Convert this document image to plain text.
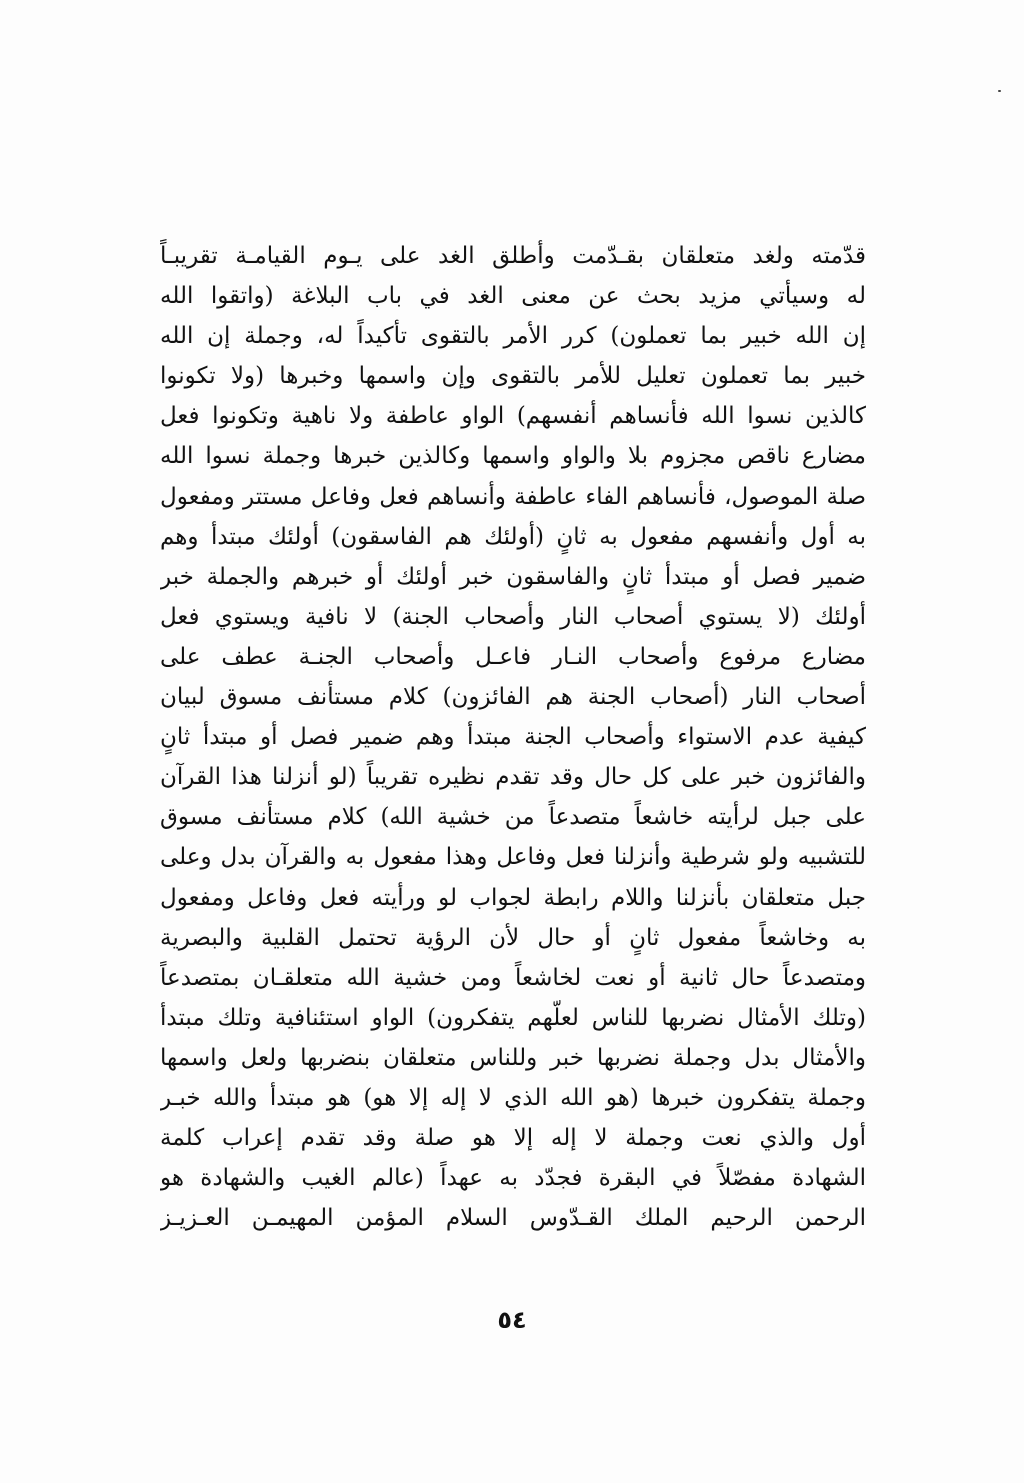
قدّمته ولغد متعلقان بقـدّمت وأطلق الغد على يـوم القيامـة تقريبـاً
له وسيأتي مزيد بحث عن معنى الغد في باب البلاغة (واتقوا الله
إن الله خبير بما تعملون) كرر الأمر بالتقوى تأكيداً له، وجملة إن الله
خبير بما تعملون تعليل للأمر بالتقوى وإن واسمها وخبرها (ولا تكونوا
كالذين نسوا الله فأنساهم أنفسهم) الواو عاطفة ولا ناهية وتكونوا فعل
مضارع ناقص مجزوم بلا والواو واسمها وكالذين خبرها وجملة نسوا الله
صلة الموصول، فأنساهم الفاء عاطفة وأنساهم فعل وفاعل مستتر ومفعول
به أول وأنفسهم مفعول به ثانٍ (أولئك هم الفاسقون) أولئك مبتدأ وهم
ضمير فصل أو مبتدأ ثانٍ والفاسقون خبر أولئك أو خبرهم والجملة خبر
أولئك (لا يستوي أصحاب النار وأصحاب الجنة) لا نافية ويستوي فعل
مضارع مرفوع وأصحاب النـار فاعـل وأصحاب الجنـة عطف على
أصحاب النار (أصحاب الجنة هم الفائزون) كلام مستأنف مسوق لبيان
كيفية عدم الاستواء وأصحاب الجنة مبتدأ وهم ضمير فصل أو مبتدأ ثانٍ
والفائزون خبر على كل حال وقد تقدم نظيره تقريباً (لو أنزلنا هذا القرآن
على جبل لرأيته خاشعاً متصدعاً من خشية الله) كلام مستأنف مسوق
للتشبيه ولو شرطية وأنزلنا فعل وفاعل وهذا مفعول به والقرآن بدل وعلى
جبل متعلقان بأنزلنا واللام رابطة لجواب لو ورأيته فعل وفاعل ومفعول
به وخاشعاً مفعول ثانٍ أو حال لأن الرؤية تحتمل القلبية والبصرية
ومتصدعاً حال ثانية أو نعت لخاشعاً ومن خشية الله متعلقـان بمتصدعاً
(وتلك الأمثال نضربها للناس لعلّهم يتفكرون) الواو استئنافية وتلك مبتدأ
والأمثال بدل وجملة نضربها خبر وللناس متعلقان بنضربها ولعل واسمها
وجملة يتفكرون خبرها (هو الله الذي لا إله إلا هو) هو مبتدأ والله خبـر
أول والذي نعت وجملة لا إله إلا هو صلة وقد تقدم إعراب كلمة
الشهادة مفصّلاً في البقرة فجدّد به عهداً (عالم الغيب والشهادة هو
الرحمن الرحيم الملك القـدّوس السلام المؤمن المهيمـن العـزيـز
٥٤
